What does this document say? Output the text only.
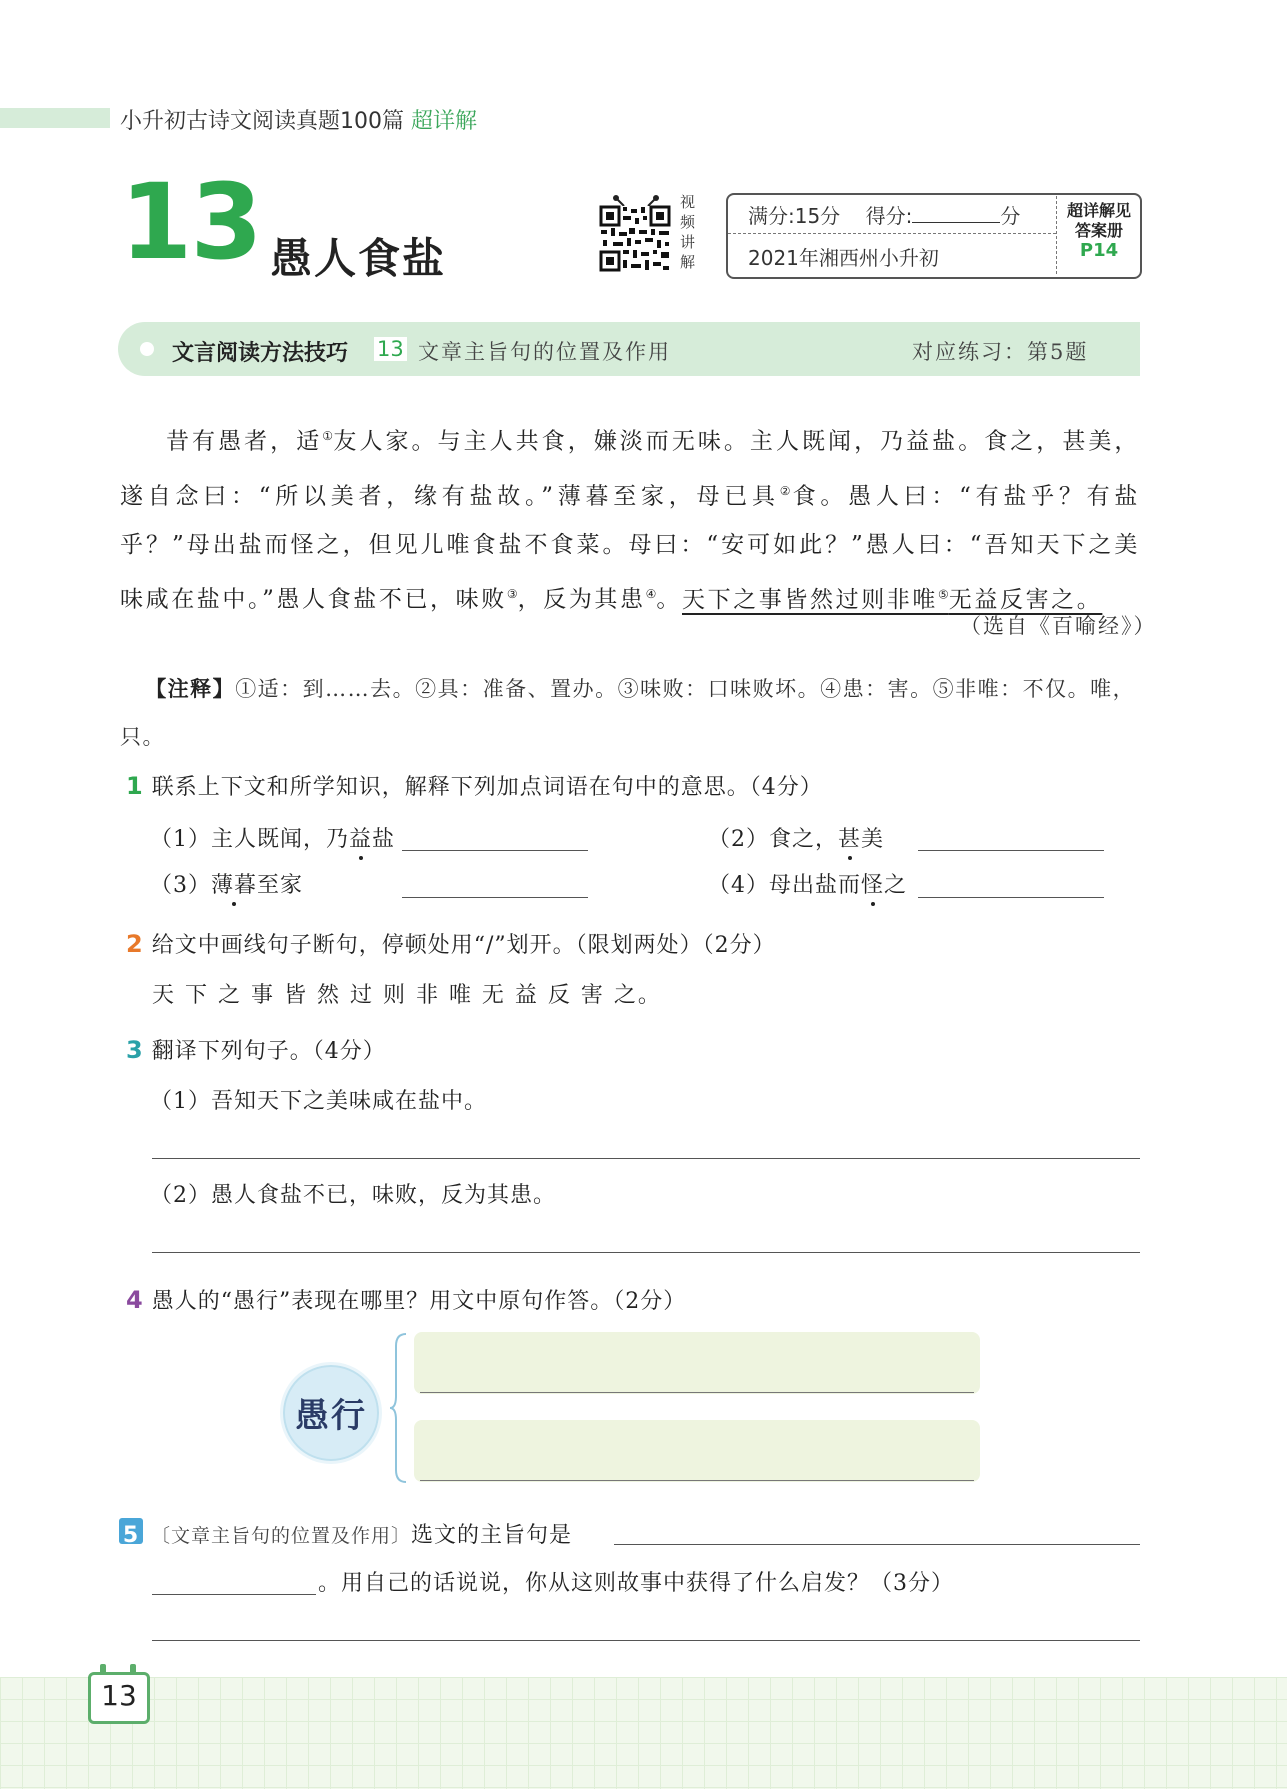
小升初古诗文阅读真题100篇 超详解
13 愚人食盐
视
频
讲
解
满分:15分 得分:	分
2021年湘西州小升初
超详解见
答案册
P14
文言阅读方法技巧 13 文章主旨句的位置及作用	对应练习：第5题

昔有愚者，适①友人家。与主人共食，嫌淡而无味。主人既闻，乃益盐。食之，甚美，遂自念曰：“所以美者，缘有盐故。”薄暮至家，母已具②食。愚人曰：“有盐乎？有盐乎？”母出盐而怪之，但见儿唯食盐不食菜。母曰：“安可如此？”愚人曰：“吾知天下之美味咸在盐中。”愚人食盐不已，味败③，反为其患④。天下之事皆然过则非唯⑤无益反害之。

（选自《百喻经》）

【注释】①适：到……去。②具：准备、置办。③味败：口味败坏。④患：害。⑤非唯：不仅。唯，只。

1 联系上下文和所学知识，解释下列加点词语在句中的意思。（4分）
（1）主人既闻，乃益盐	（2）食之，甚美
（3）薄暮至家	（4）母出盐而怪之
2 给文中画线句子断句，停顿处用“/”划开。（限划两处）（2分）
天 下 之 事 皆 然 过 则 非 唯 无 益 反 害 之。
3 翻译下列句子。（4分）
（1）吾知天下之美味咸在盐中。
（2）愚人食盐不已，味败，反为其患。
4 愚人的“愚行”表现在哪里？用文中原句作答。（2分）
愚行
5 〔文章主旨句的位置及作用〕选文的主旨句是
。用自己的话说说，你从这则故事中获得了什么启发？（3分）
13
